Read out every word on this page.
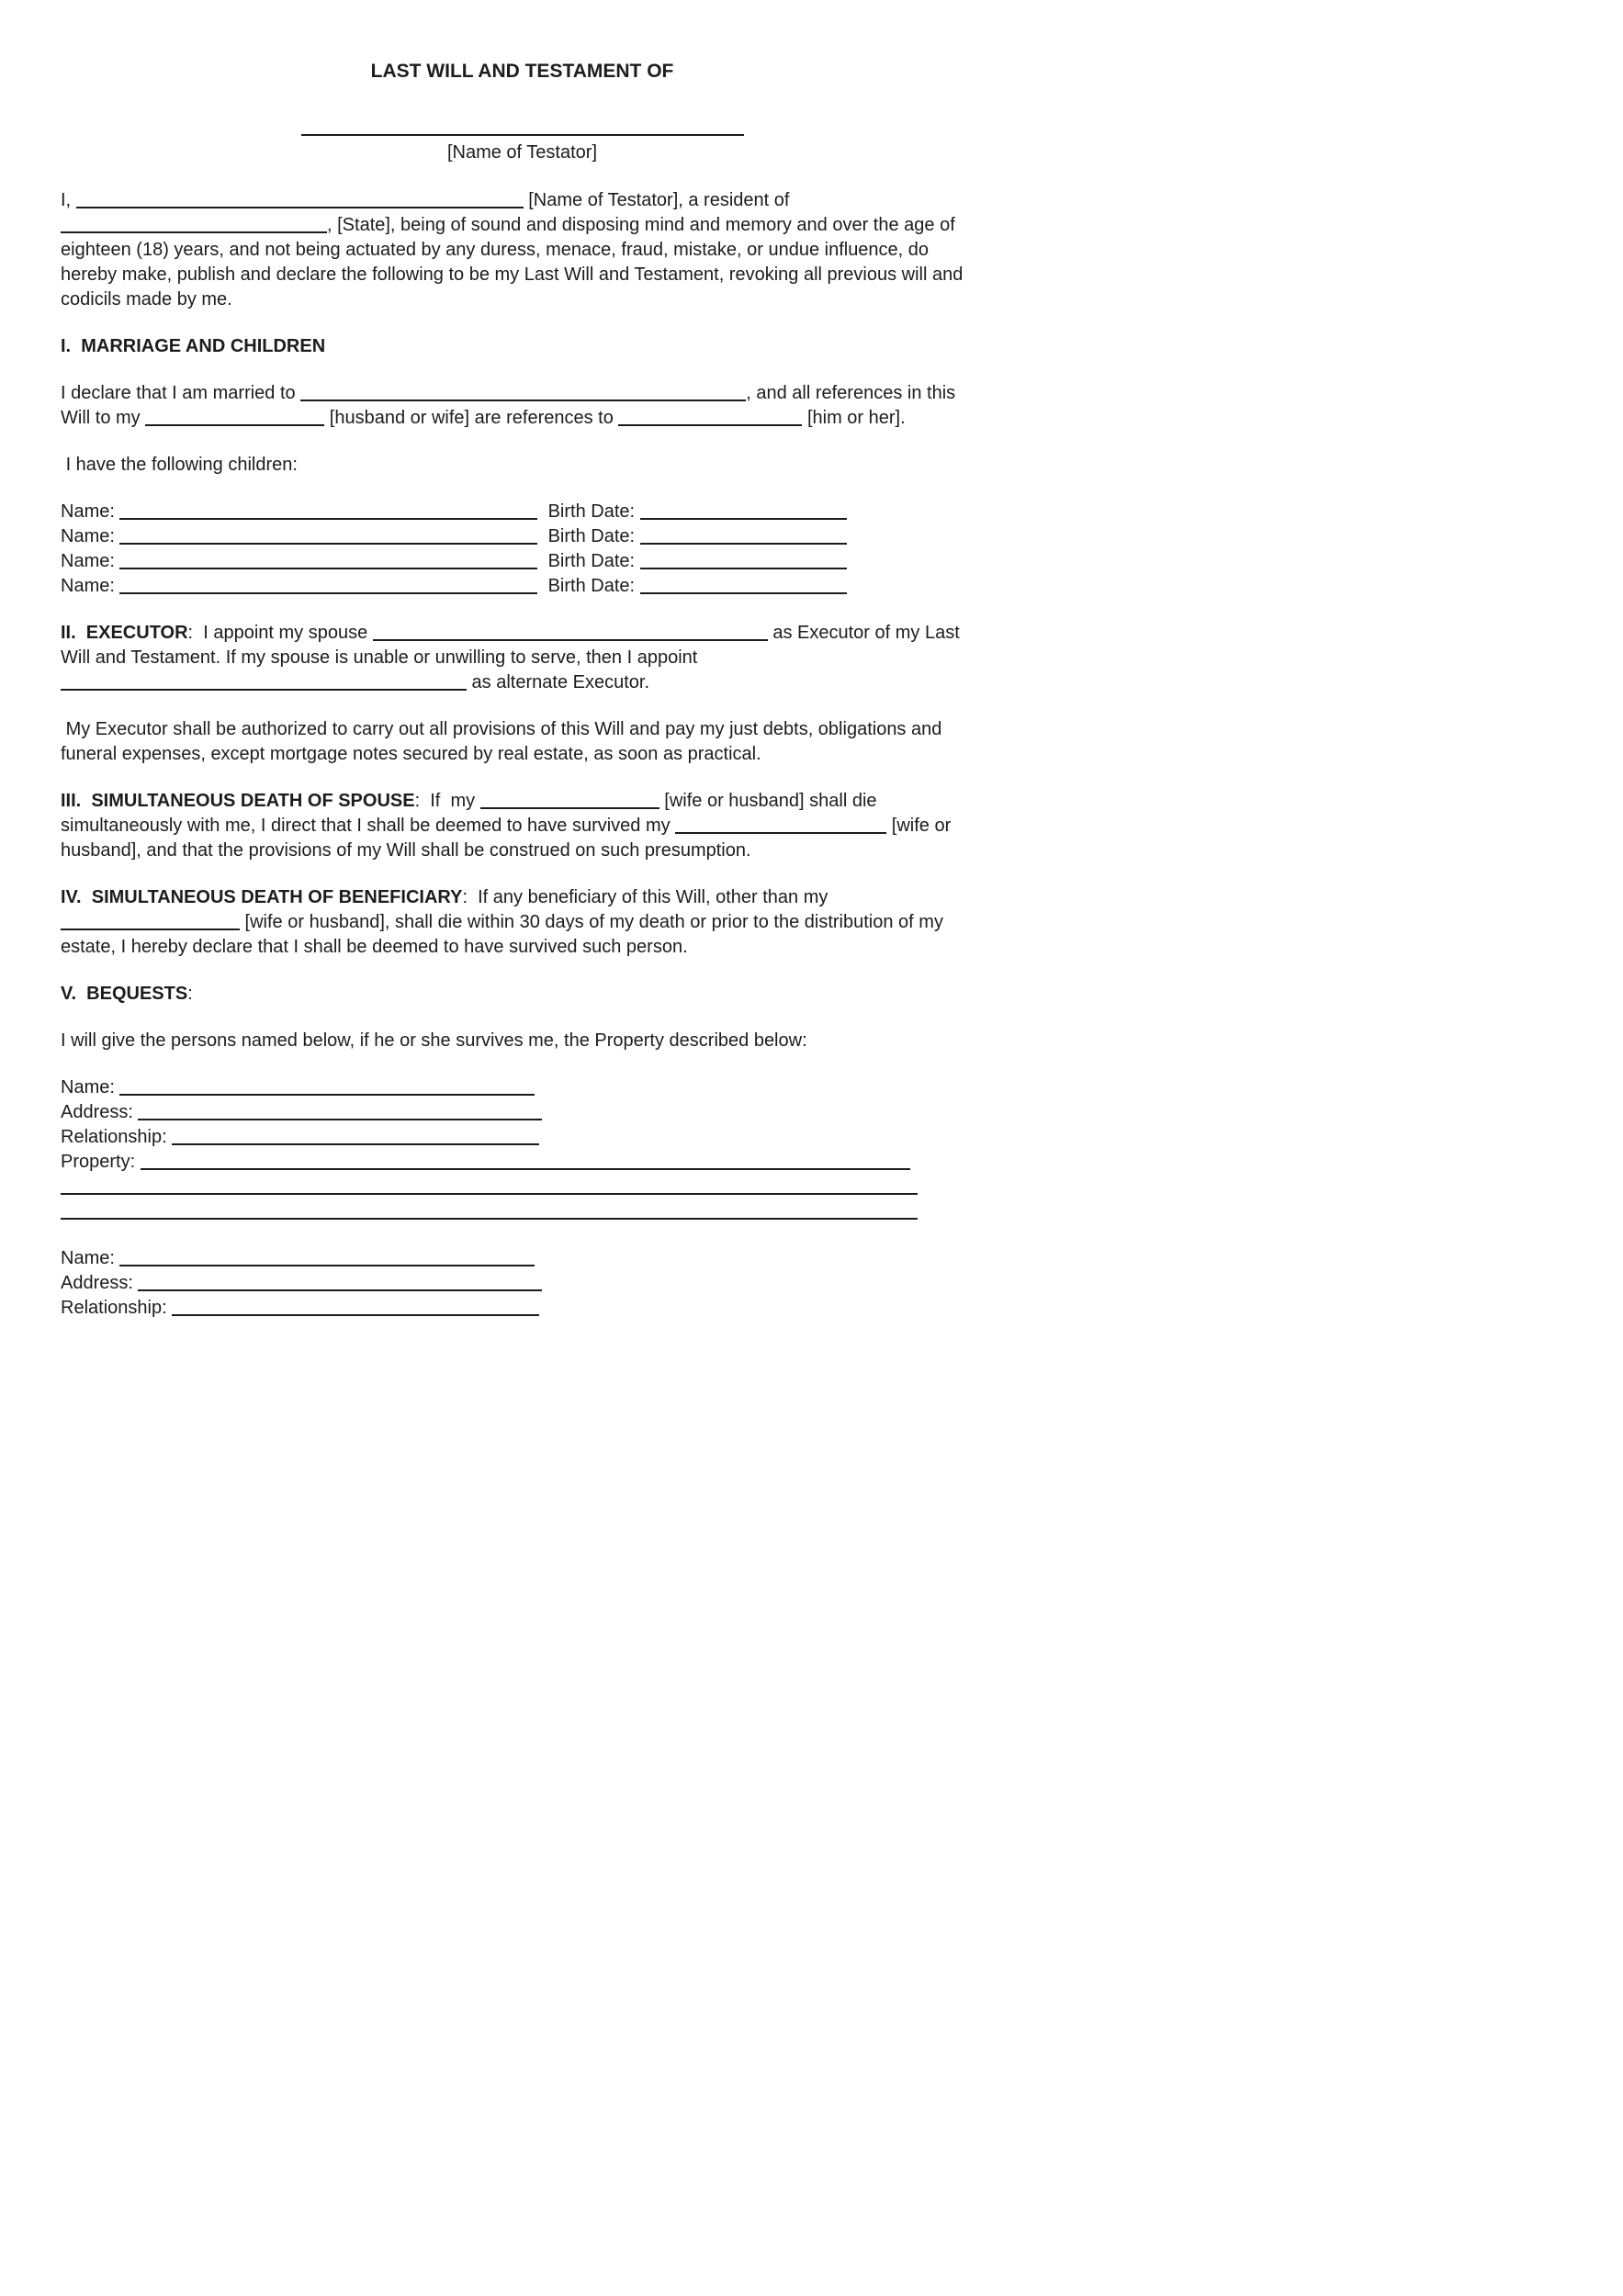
LAST WILL AND TESTAMENT OF
[Name of Testator]
I,	[Name of Testator], a resident of , [State], being of sound and disposing mind and memory and over the age of eighteen (18) years, and not being actuated by any duress, menace, fraud, mistake, or undue influence, do hereby make, publish and declare the following to be my Last Will and Testament, revoking all previous will and codicils made by me.
I.  MARRIAGE AND CHILDREN
I declare that I am married to	, and all references in this Will to my	[husband or wife] are references to	[him or her].
I have the following children:
Name:	Birth Date:
Name:	Birth Date:
Name:	Birth Date:
Name:	Birth Date:
II.  EXECUTOR:  I appoint my spouse	as Executor of my Last Will and Testament. If my spouse is unable or unwilling to serve, then I appoint  as alternate Executor.
My Executor shall be authorized to carry out all provisions of this Will and pay my just debts, obligations and funeral expenses, except mortgage notes secured by real estate, as soon as practical.
III.  SIMULTANEOUS DEATH OF SPOUSE:  If  my	[wife or husband] shall die simultaneously with me, I direct that I shall be deemed to have survived my	[wife or husband], and that the provisions of my Will shall be construed on such presumption.
IV.  SIMULTANEOUS DEATH OF BENEFICIARY:  If any beneficiary of this Will, other than my  [wife or husband], shall die within 30 days of my death or prior to the distribution of my estate, I hereby declare that I shall be deemed to have survived such person.
V.  BEQUESTS:
I will give the persons named below, if he or she survives me, the Property described below:
Name:
Address:
Relationship:
Property:
Name:
Address:
Relationship:
